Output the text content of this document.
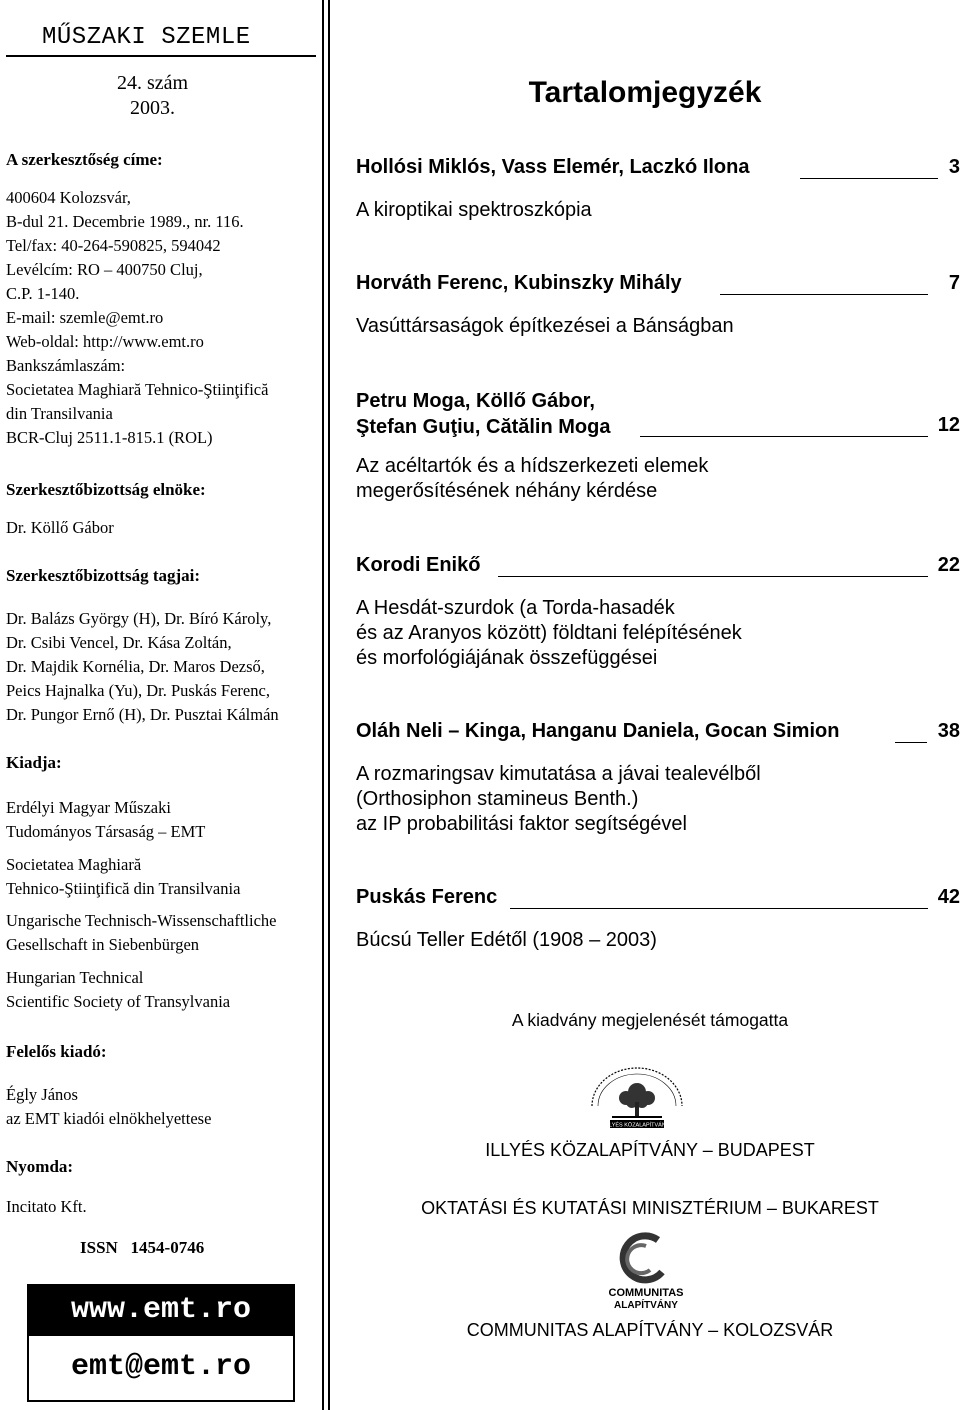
MŰSZAKI SZEMLE
24. szám
2003.
A szerkesztőség címe:
400604 Kolozsvár,
B-dul 21. Decembrie 1989., nr. 116.
Tel/fax: 40-264-590825, 594042
Levélcím: RO – 400750 Cluj,
C.P. 1-140.
E-mail: szemle@emt.ro
Web-oldal: http://www.emt.ro
Bankszámlaszám:
Societatea Maghiară Tehnico-Ştiinţifică
din Transilvania
BCR-Cluj 2511.1-815.1 (ROL)
Szerkesztőbizottság elnöke:
Dr. Köllő Gábor
Szerkesztőbizottság tagjai:
Dr. Balázs György (H), Dr. Bíró Károly,
Dr. Csibi Vencel, Dr. Kása Zoltán,
Dr. Majdik Kornélia, Dr. Maros Dezső,
Peics Hajnalka (Yu), Dr. Puskás Ferenc,
Dr. Pungor Ernő (H), Dr. Pusztai Kálmán
Kiadja:
Erdélyi Magyar Műszaki
Tudományos Társaság – EMT
Societatea Maghiară
Tehnico-Ştiinţifică din Transilvania
Ungarische Technisch-Wissenschaftliche
Gesellschaft in Siebenbürgen
Hungarian Technical
Scientific Society of Transylvania
Felelős kiadó:
Égly János
az EMT kiadói elnökhelyettese
Nyomda:
Incitato Kft.
ISSN   1454-0746
www.emt.ro
emt@emt.ro
Tartalomjegyzék
Hollósi Miklós, Vass Elemér, Laczkó Ilona	3
A kiroptikai spektroszkópia
Horváth Ferenc, Kubinszky Mihály	7
Vasúttársaságok építkezései a Bánságban
Petru Moga, Köllő Gábor,
Ştefan Guţiu, Cătălin Moga	12
Az acéltartók és a hídszerkezeti elemek
megerősítésének néhány kérdése
Korodi Enikő	22
A Hesdát-szurdok (a Torda-hasadék
és az Aranyos között) földtani felépítésének
és morfológiájának összefüggései
Oláh Neli – Kinga, Hanganu Daniela, Gocan Simion	38
A rozmaringsav kimutatása a jávai tealevélből
(Orthosiphon stamineus Benth.)
az IP probabilitási faktor segítségével
Puskás Ferenc	42
Búcsú Teller Edétől (1908 – 2003)
A kiadvány megjelenését támogatta
ILLYÉS KÖZALAPÍTVÁNY
ILLYÉS KÖZALAPÍTVÁNY – BUDAPEST
OKTATÁSI ÉS KUTATÁSI MINISZTÉRIUM – BUKAREST
COMMUNITAS
ALAPÍTVÁNY
COMMUNITAS ALAPÍTVÁNY – KOLOZSVÁR
